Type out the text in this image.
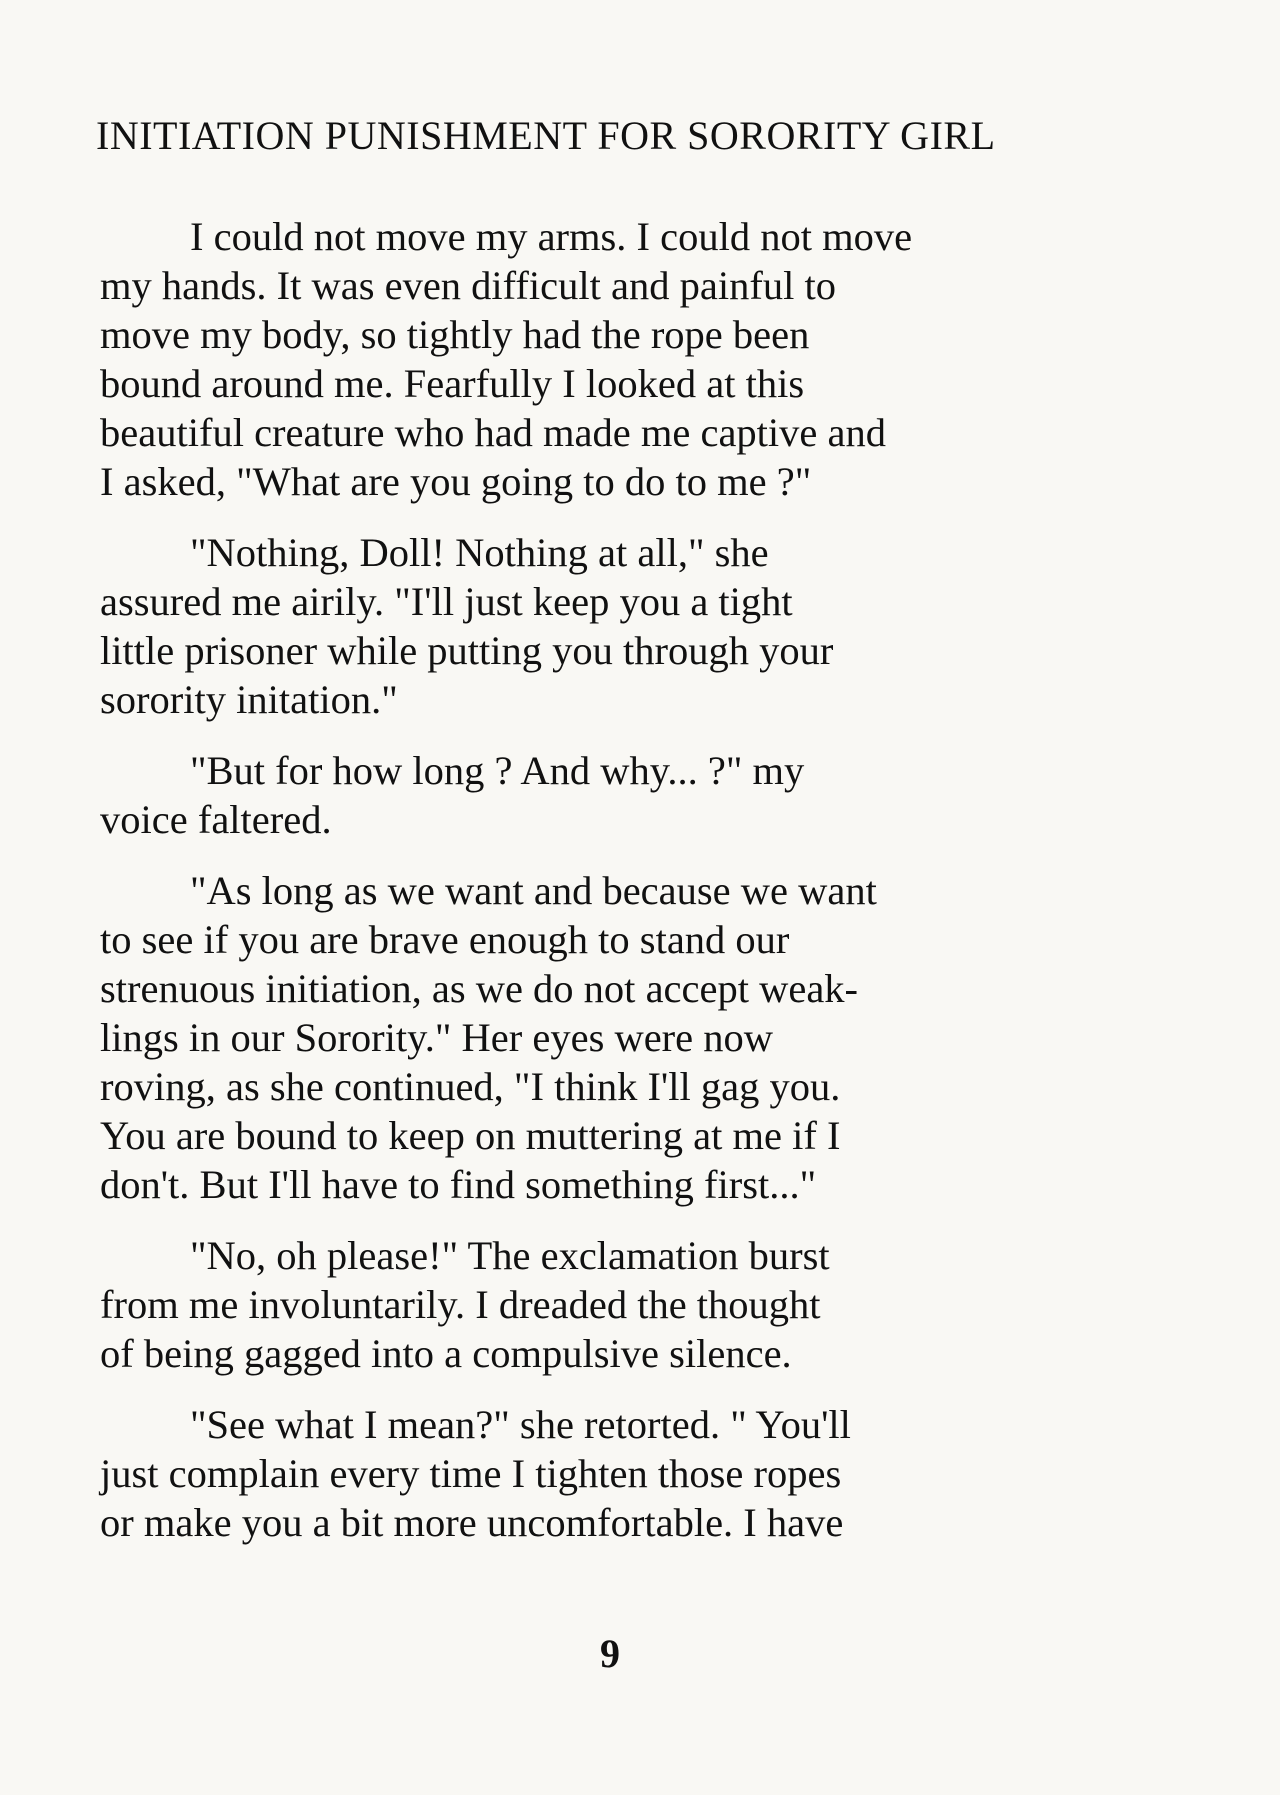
INITIATION PUNISHMENT FOR SORORITY GIRL
I could not move my arms. I could not move
my hands. It was even difficult and painful to
move my body, so tightly had the rope been
bound around me. Fearfully I looked at this
beautiful creature who had made me captive and
I asked, "What are you going to do to me ?"
"Nothing, Doll! Nothing at all," she
assured me airily. "I'll just keep you a tight
little prisoner while putting you through your
sorority initation."
"But for how long ? And why... ?" my
voice faltered.
"As long as we want and because we want
to see if you are brave enough to stand our
strenuous initiation, as we do not accept weak-
lings in our Sorority." Her eyes were now
roving, as she continued, "I think I'll gag you.
You are bound to keep on muttering at me if I
don't. But I'll have to find something first..."
"No, oh please!" The exclamation burst
from me involuntarily. I dreaded the thought
of being gagged into a compulsive silence.
"See what I mean?" she retorted. " You'll
just complain every time I tighten those ropes
or make you a bit more uncomfortable. I have
9
